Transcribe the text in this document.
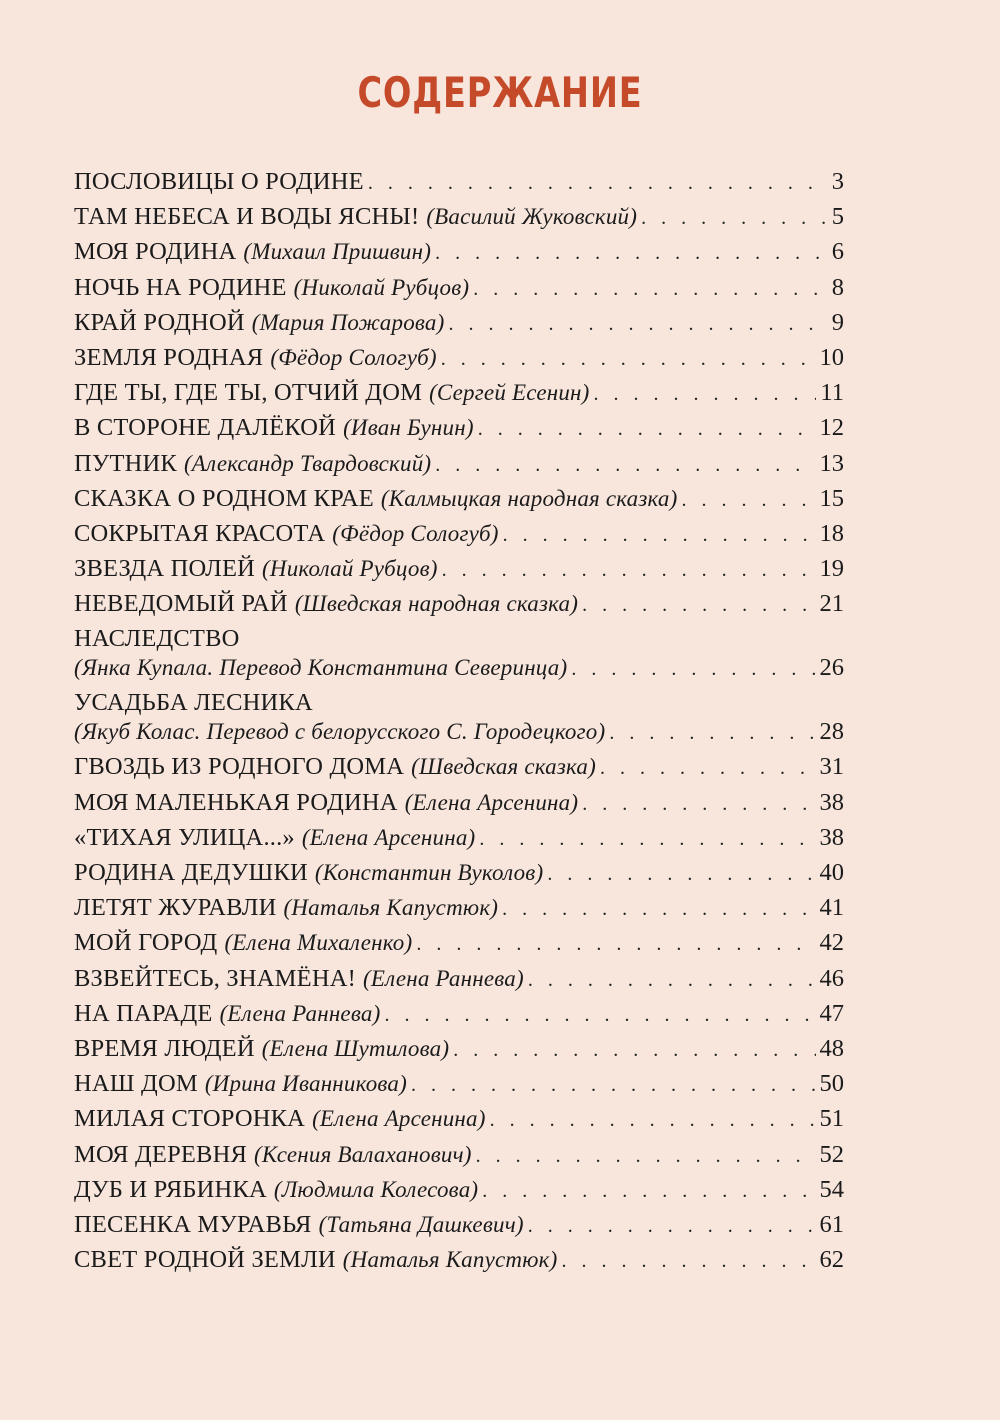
СОДЕРЖАНИЕ
ПОСЛОВИЦЫ О РОДИНЕ . . .	3
ТАМ НЕБЕСА И ВОДЫ ЯСНЫ! (Василий Жуковский) . . .	5
МОЯ РОДИНА (Михаил Пришвин) . . .	6
НОЧЬ НА РОДИНЕ (Николай Рубцов) . . .	8
КРАЙ РОДНОЙ (Мария Пожарова) . . .	9
ЗЕМЛЯ РОДНАЯ (Фёдор Сологуб) . . .	10
ГДЕ ТЫ, ГДЕ ТЫ, ОТЧИЙ ДОМ (Сергей Есенин) . . .	11
В СТОРОНЕ ДАЛЁКОЙ (Иван Бунин) . . .	12
ПУТНИК (Александр Твардовский) . . .	13
СКАЗКА О РОДНОМ КРАЕ (Калмыцкая народная сказка) . . .	15
СОКРЫТАЯ КРАСОТА (Фёдор Сологуб) . . .	18
ЗВЕЗДА ПОЛЕЙ (Николай Рубцов) . . .	19
НЕВЕДОМЫЙ РАЙ (Шведская народная сказка) . . .	21
НАСЛЕДСТВО
(Янка Купала. Перевод Константина Северинца) . . .	26
УСАДЬБА ЛЕСНИКА
(Якуб Колас. Перевод с белорусского С. Городецкого) . . .	28
ГВОЗДЬ ИЗ РОДНОГО ДОМА (Шведская сказка) . . .	31
МОЯ МАЛЕНЬКАЯ РОДИНА (Елена Арсенина) . . .	38
«ТИХАЯ УЛИЦА...» (Елена Арсенина) . . .	38
РОДИНА ДЕДУШКИ (Константин Вуколов) . . .	40
ЛЕТЯТ ЖУРАВЛИ (Наталья Капустюк) . . .	41
МОЙ ГОРОД (Елена Михаленко) . . .	42
ВЗВЕЙТЕСЬ, ЗНАМЁНА! (Елена Раннева) . . .	46
НА ПАРАДЕ (Елена Раннева) . . .	47
ВРЕМЯ ЛЮДЕЙ (Елена Шутилова) . . .	48
НАШ ДОМ (Ирина Иванникова) . . .	50
МИЛАЯ СТОРОНКА (Елена Арсенина) . . .	51
МОЯ ДЕРЕВНЯ (Ксения Валаханович) . . .	52
ДУБ И РЯБИНКА (Людмила Колесова) . . .	54
ПЕСЕНКА МУРАВЬЯ (Татьяна Дашкевич) . . .	61
СВЕТ РОДНОЙ ЗЕМЛИ (Наталья Капустюк) . . .	62
